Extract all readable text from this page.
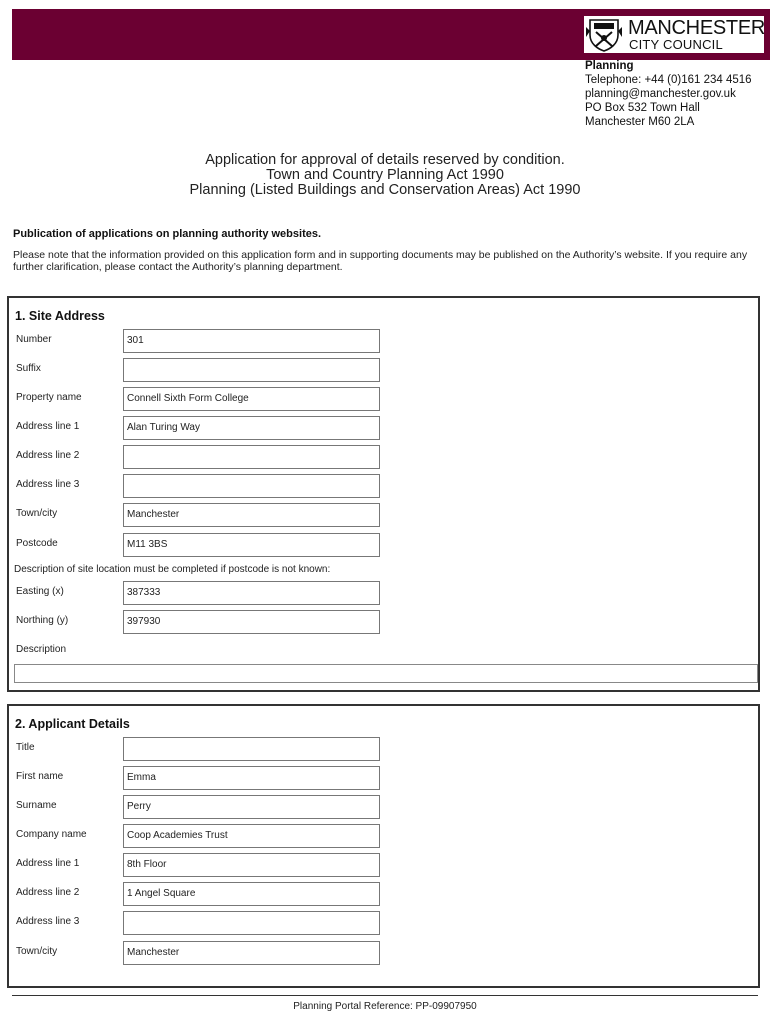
MANCHESTER
CITY COUNCIL
Planning
Telephone: +44 (0)161 234 4516
planning@manchester.gov.uk
PO Box 532 Town Hall
Manchester M60 2LA
Application for approval of details reserved by condition.
Town and Country Planning Act 1990
Planning (Listed Buildings and Conservation Areas) Act 1990
Publication of applications on planning authority websites.
Please note that the information provided on this application form and in supporting documents may be published on the Authority’s website. If you require any further clarification, please contact the Authority’s planning department.
1. Site Address
Number	301
Suffix
Property name	Connell Sixth Form College
Address line 1	Alan Turing Way
Address line 2
Address line 3
Town/city	Manchester
Postcode	M11 3BS
Description of site location must be completed if postcode is not known:
Easting (x)	387333
Northing (y)	397930
Description
2. Applicant Details
Title
First name	Emma
Surname	Perry
Company name	Coop Academies Trust
Address line 1	8th Floor
Address line 2	1 Angel Square
Address line 3
Town/city	Manchester
Planning Portal Reference: PP-09907950
